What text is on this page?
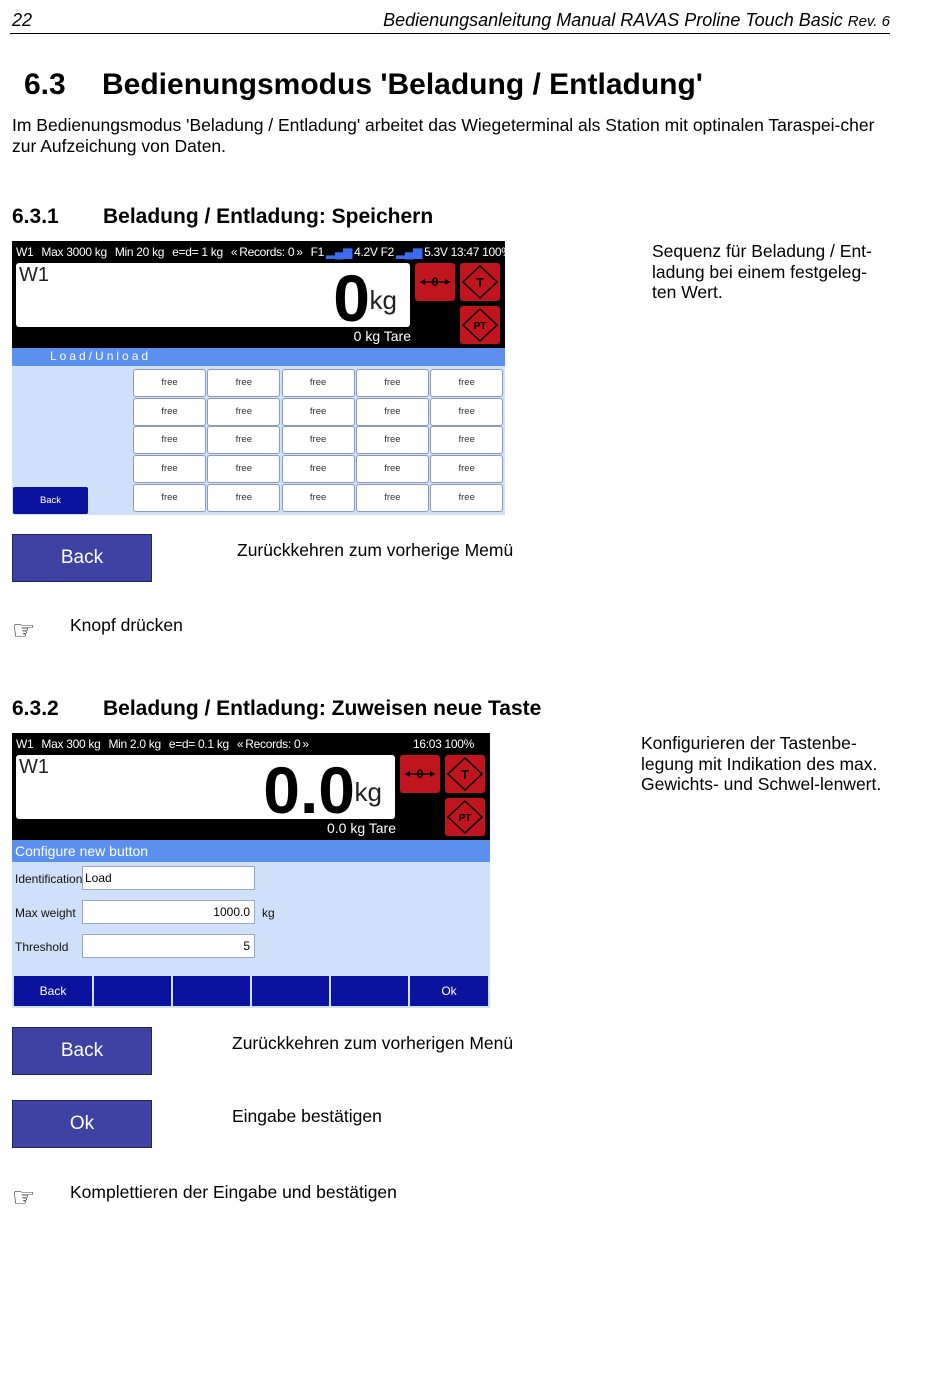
22	Bedienungsanleitung Manual RAVAS Proline Touch Basic Rev. 6
6.3 Bedienungsmodus 'Beladung / Entladung'
Im Bedienungsmodus 'Beladung / Entladung' arbeitet das Wiegeterminal als Station mit optinalen Taraspei-cher zur Aufzeichung von Daten.
6.3.1 Beladung / Entladung: Speichern
Sequenz für Beladung / Ent-ladung bei einem festgeleg-ten Wert.
W1 Max 3000 kg Min 20 kg e=d= 1 kg « Records: 0 » F1 ▂▄▆ 4.2V F2 ▂▄▆ 5.3V 13:47 100%
W1	0 kg
0 kg Tare
0	T
PT
Load/Unload
free	free	free	free	free
free	free	free	free	free
free	free	free	free	free
free	free	free	free	free
free	free	free	free	free
Back
Back	Zurückkehren zum vorherige Memü
☞ Knopf drücken
6.3.2 Beladung / Entladung: Zuweisen neue Taste
Konfigurieren der Tastenbe-legung mit Indikation des max. Gewichts- und Schwel-lenwert.
W1 Max 300 kg Min 2.0 kg e=d= 0.1 kg « Records: 0 »	16:03 100%
W1	0.0 kg
0.0 kg Tare
0	T
PT
Configure new button
Identification Load
Max weight	1000.0	kg
Threshold	5
Back	Ok
Back	Zurückkehren zum vorherigen Menü
Ok	Eingabe bestätigen
☞ Komplettieren der Eingabe und bestätigen
